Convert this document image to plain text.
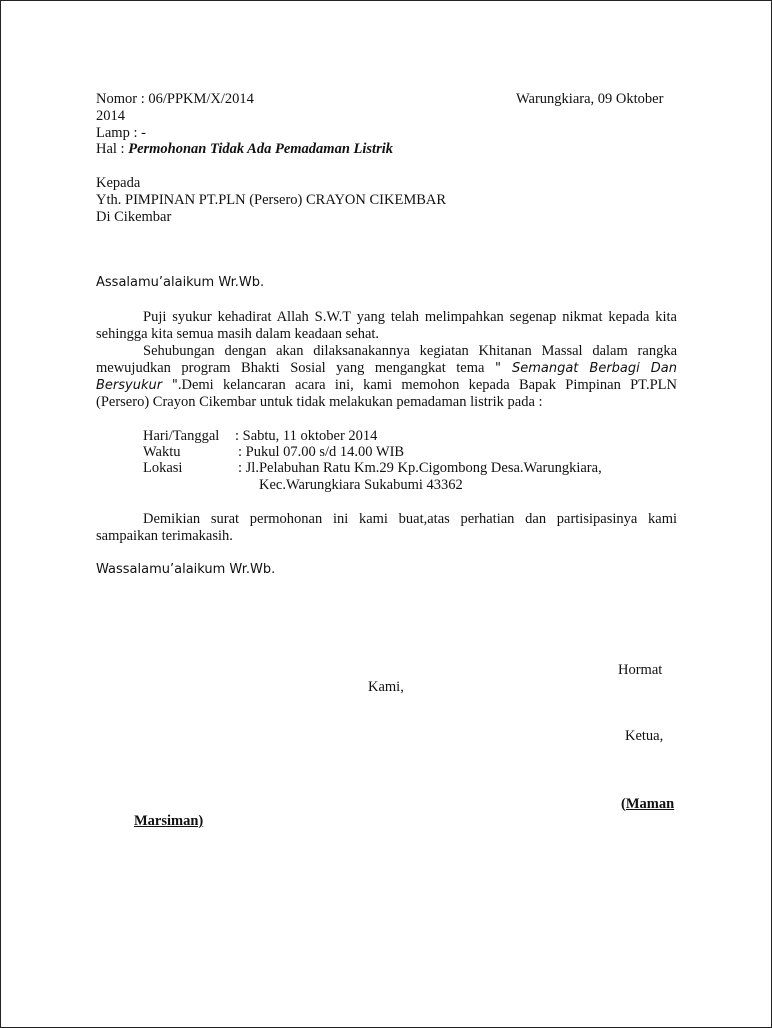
Nomor : 06/PPKM/X/2014	Warungkiara, 09 Oktober
2014
Lamp : -
Hal : Permohonan Tidak Ada Pemadaman Listrik
Kepada
Yth. PIMPINAN PT.PLN (Persero) CRAYON CIKEMBAR
Di Cikembar
Assalamu’alaikum Wr.Wb.
Puji syukur kehadirat Allah S.W.T yang telah melimpahkan segenap nikmat kepada kita sehingga kita semua masih dalam keadaan sehat.
Sehubungan dengan akan dilaksanakannya kegiatan Khitanan Massal dalam rangka mewujudkan program Bhakti Sosial yang mengangkat tema " Semangat Berbagi Dan Bersyukur ".Demi kelancaran acara ini, kami memohon kepada Bapak Pimpinan PT.PLN (Persero) Crayon Cikembar untuk tidak melakukan pemadaman listrik pada :
Hari/Tanggal : Sabtu, 11 oktober 2014
Waktu	: Pukul 07.00 s/d 14.00 WIB
Lokasi	: Jl.Pelabuhan Ratu Km.29 Kp.Cigombong Desa.Warungkiara,
Kec.Warungkiara Sukabumi 43362
Demikian surat permohonan ini kami buat,atas perhatian dan partisipasinya kami sampaikan terimakasih.
Wassalamu’alaikum Wr.Wb.
Hormat
Kami,
Ketua,
(Maman
Marsiman)
